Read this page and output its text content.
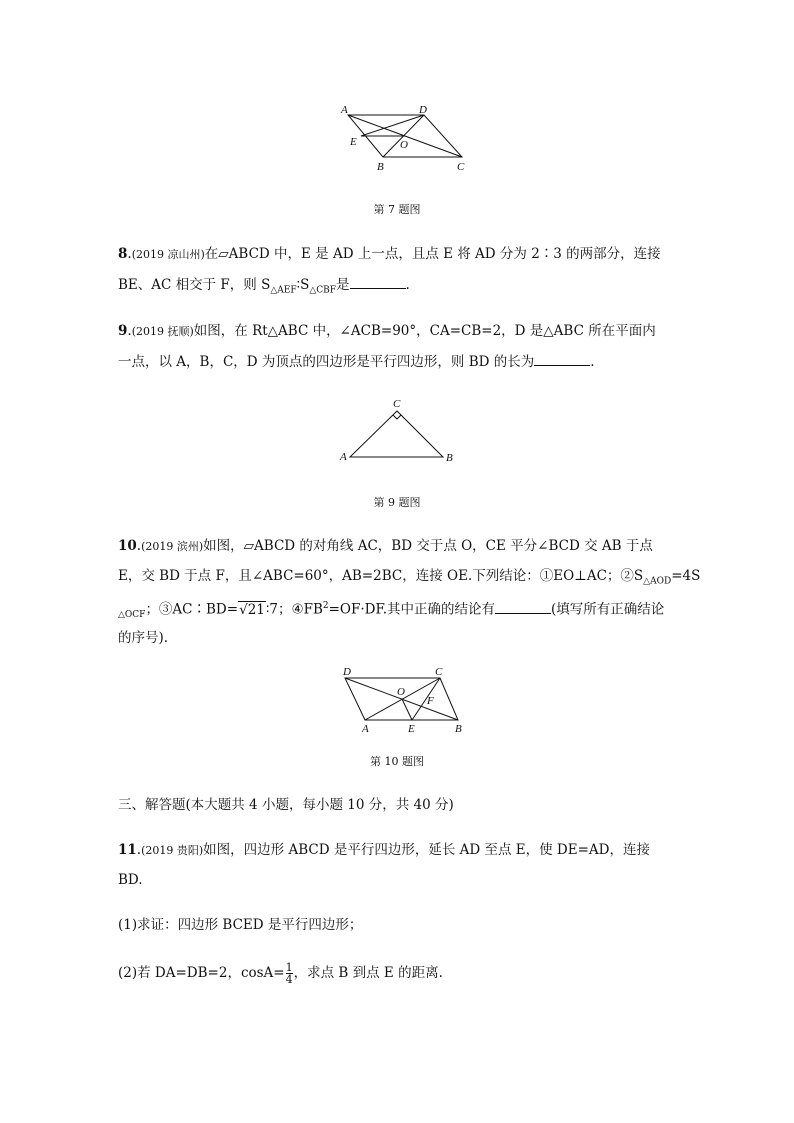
A	D
E	O
B	C
第 7 题图
8.(2019 凉山州)在▱ABCD 中，E 是 AD 上一点，且点 E 将 AD 分为 2∶3 的两部分，连接
BE、AC 相交于 F，则 $S_{\triangle AEF}∶S_{\triangle CBF}$是	.
9.(2019 抚顺)如图，在 Rt△ABC 中，∠ACB=90°，CA=CB=2，D 是△ABC 所在平面内
一点，以 A，B，C，D 为顶点的四边形是平行四边形，则 BD 的长为	.
C
A	B
第 9 题图
10.(2019 滨州)如图，▱ABCD 的对角线 AC，BD 交于点 O，CE 平分∠BCD 交 AB 于点
E，交 BD 于点 F，且∠ABC=60°，AB=2BC，连接 OE.下列结论：①EO⊥AC；$②S_{\triangle AOD}=4S$
$_{\triangle OCF}$；③AC∶BD=√21∶7；$④FB^2=OF\cdot DF$.其中正确的结论有	(填写所有正确结论
的序号).
D	C
O
F
A	E	B
第 10 题图
三、解答题(本大题共 4 小题，每小题 10 分，共 40 分)
11.(2019 贵阳)如图，四边形 ABCD 是平行四边形，延长 AD 至点 E，使 DE=AD，连接
BD.
(1)求证：四边形 BCED 是平行四边形；
(2)若 DA=DB=2，$\cos A= \frac{1}{4}$ ，求点 B 到点 E 的距离.
